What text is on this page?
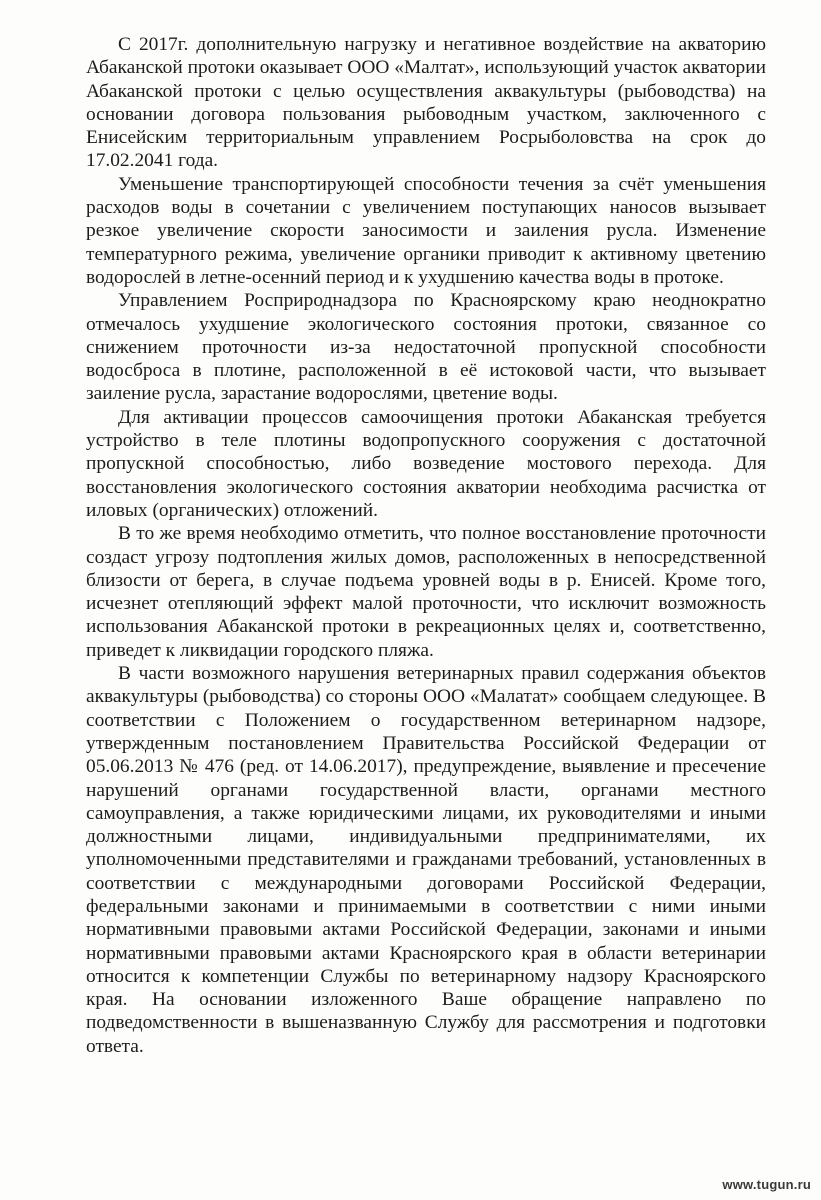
С 2017г. дополнительную нагрузку и негативное воздействие на акваторию Абаканской протоки оказывает ООО «Малтат», использующий участок акватории Абаканской протоки с целью осуществления аквакультуры (рыбоводства) на основании договора пользования рыбоводным участком, заключенного с Енисейским территориальным управлением Росрыболовства на срок до 17.02.2041 года.

Уменьшение транспортирующей способности течения за счёт уменьшения расходов воды в сочетании с увеличением поступающих наносов вызывает резкое увеличение скорости заносимости и заиления русла. Изменение температурного режима, увеличение органики приводит к активному цветению водорослей в летне-осенний период и к ухудшению качества воды в протоке.

Управлением Росприроднадзора по Красноярскому краю неоднократно отмечалось ухудшение экологического состояния протоки, связанное со снижением проточности из-за недостаточной пропускной способности водосброса в плотине, расположенной в её истоковой части, что вызывает заиление русла, зарастание водорослями, цветение воды.

Для активации процессов самоочищения протоки Абаканская требуется устройство в теле плотины водопропускного сооружения с достаточной пропускной способностью, либо возведение мостового перехода. Для восстановления экологического состояния акватории необходима расчистка от иловых (органических) отложений.

В то же время необходимо отметить, что полное восстановление проточности создаст угрозу подтопления жилых домов, расположенных в непосредственной близости от берега, в случае подъема уровней воды в р. Енисей. Кроме того, исчезнет отепляющий эффект малой проточности, что исключит возможность использования Абаканской протоки в рекреационных целях и, соответственно, приведет к ликвидации городского пляжа.

В части возможного нарушения ветеринарных правил содержания объектов аквакультуры (рыбоводства) со стороны ООО «Малатат» сообщаем следующее. В соответствии с Положением о государственном ветеринарном надзоре, утвержденным постановлением Правительства Российской Федерации от 05.06.2013 № 476 (ред. от 14.06.2017), предупреждение, выявление и пресечение нарушений органами государственной власти, органами местного самоуправления, а также юридическими лицами, их руководителями и иными должностными лицами, индивидуальными предпринимателями, их уполномоченными представителями и гражданами требований, установленных в соответствии с международными договорами Российской Федерации, федеральными законами и принимаемыми в соответствии с ними иными нормативными правовыми актами Российской Федерации, законами и иными нормативными правовыми актами Красноярского края в области ветеринарии относится к компетенции Службы по ветеринарному надзору Красноярского края. На основании изложенного Ваше обращение направлено по подведомственности в вышеназванную Службу для рассмотрения и подготовки ответа.

www.tugun.ru
